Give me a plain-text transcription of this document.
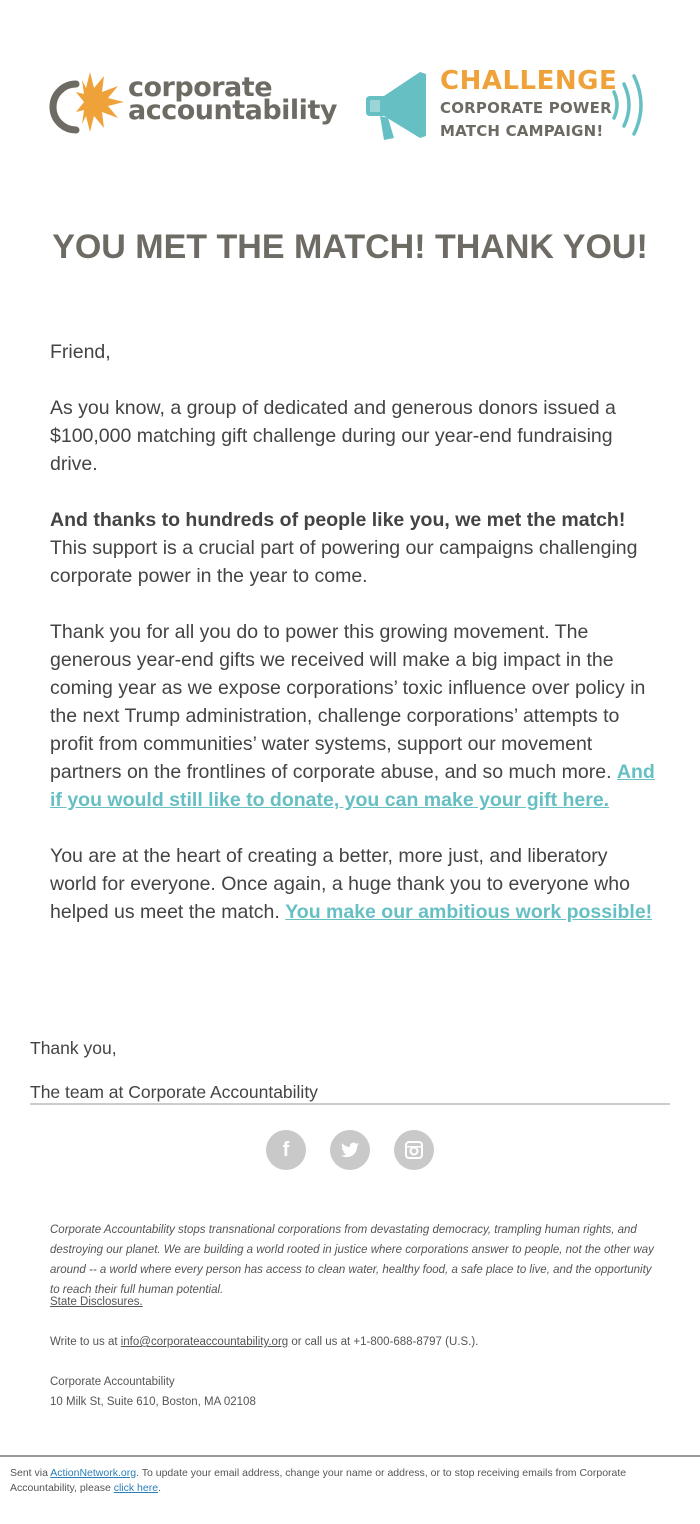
corporate
accountability
CHALLENGE
CORPORATE POWER
MATCH CAMPAIGN!
YOU MET THE MATCH! THANK YOU!

Friend,

As you know, a group of dedicated and generous donors issued a $100,000 matching gift challenge during our year-end fundraising drive.

And thanks to hundreds of people like you, we met the match! This support is a crucial part of powering our campaigns challenging corporate power in the year to come.

Thank you for all you do to power this growing movement. The generous year-end gifts we received will make a big impact in the coming year as we expose corporations’ toxic influence over policy in the next Trump administration, challenge corporations’ attempts to profit from communities’ water systems, support our movement partners on the frontlines of corporate abuse, and so much more. And if you would still like to donate, you can make your gift here.

You are at the heart of creating a better, more just, and liberatory world for everyone. Once again, a huge thank you to everyone who helped us meet the match. You make our ambitious work possible!

Thank you,
The team at Corporate Accountability
f

Corporate Accountability stops transnational corporations from devastating democracy, trampling human rights, and destroying our planet. We are building a world rooted in justice where corporations answer to people, not the other way around -- a world where every person has access to clean water, healthy food, a safe place to live, and the opportunity to reach their full human potential.

State Disclosures.
Write to us at info@corporateaccountability.org or call us at +1-800-688-8797 (U.S.).
Corporate Accountability
10 Milk St, Suite 610, Boston, MA 02108
Sent via ActionNetwork.org. To update your email address, change your name or address, or to stop receiving emails from Corporate Accountability, please click here.
